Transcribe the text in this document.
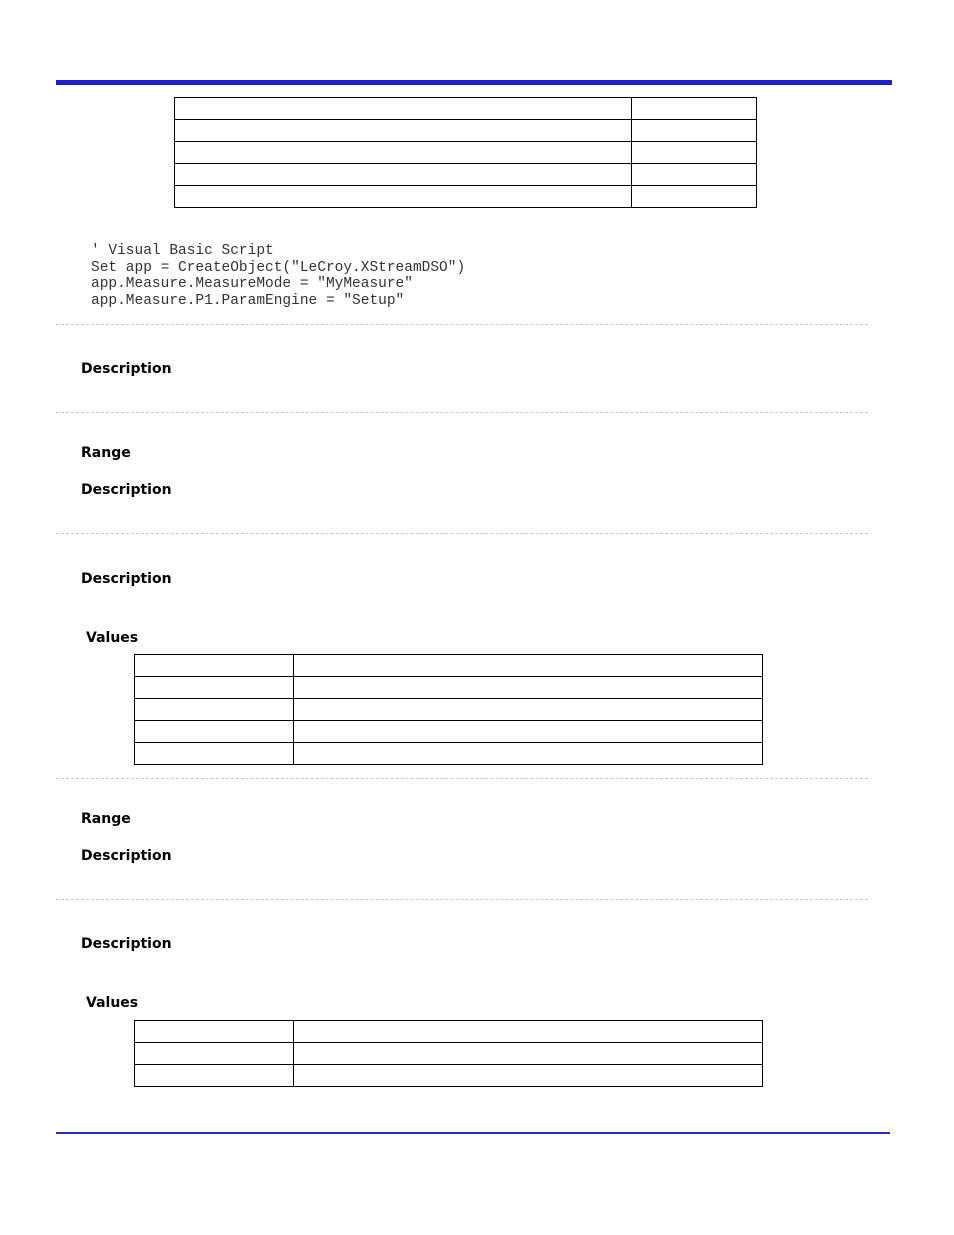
' Visual Basic Script
Set app = CreateObject("LeCroy.XStreamDSO")
app.Measure.MeasureMode = "MyMeasure"
app.Measure.P1.ParamEngine = "Setup"
Description
Range
Description
Description
Values

Range
Description
Description
Values
